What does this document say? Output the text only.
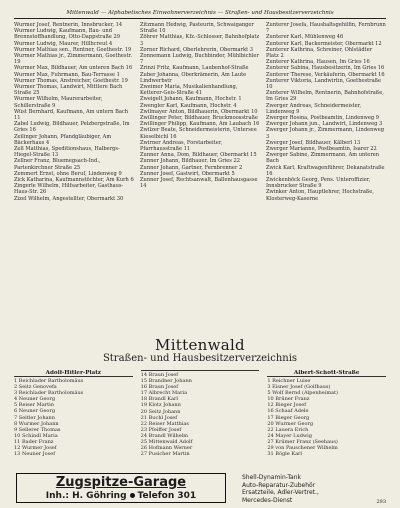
Mittenwald — Alphabetisches Einwohnerverzeichnis — Straßen- und Hausbesitzerverzeichnis
Wurmer Josef, Rentnerin, Innsbrucker, 14
Wurmer Ludwig, Kaufmann, Bau- und Brennstoffhandlung, Otto-Dappstraße 29
Wurmer Ludwig, Maurer, Hillhcreut 4
Wurmer Mathias sen., Rentner, Goethestr. 19
Wurmer Mathias jr., Zimmermann, Goethestr. 19
Wurmer Max, Bildhauer, Am unteren Bach 16
Wurmer Max, Fuhrmann, Bau-Terrasse 1
Wurmer Thomas, Anstreicher, Goethestr. 19
Wurmer Thomas, Landwirt, Mittlere Bach Straße 25
Wurmer Wilhelm, Maurerarbeiter, Schillerstraße 9
Wüst Bernhard, Kaufmann, Am untern Bach 11
Zabel Ludwig, Bildhauer, Pelzbergstraße, Im Gries 16
Zeilinger Johann, Pfandgläubiger, Am Bäckerhaus 4
Zell Matthias, Speditionshaus, Halbergs-Hiegel-Straße 13
Zellner Franz, Bluemegsach-Ind., Partenkirchner Straße 25
Zemmert Ernst, ohne Beruf, Lindenweg 9
Zick Katharina, Kaufmannstöchter, Am Kurh 6
Zingerle Wilhelm, Hilfsarbeiter, Gasthaus-Haus-Str. 26
Zizel Wilhelm, Angestellter, Obermarkt 30
Zitzmann Hedwig, Pasteurin, Schwaiganger Straße 10
Zöhrer Matthias, Kfz.-Schlosser, Bahnhofplatz 3
Zorner Richard, Oberlehrerin, Obermarkt 3
Zonnemann Ludwig, Buchbinder, Mühlbichler 7
Zrinzi Fritz, Kaufmann, Laubenhof-Straße
Zuber Johanna, Oberkrämerin, Am Laute Lindwerbstr
Zweimer Maria, Musikalienhandlung, Ketterer-Geis-Straße 41
Zweigelt Johann, Kaufmann, Hochstr. 1
Zwengler Karl, Kaufmann, Hochstr. 4
Zwilmayer Anton, Bildhauerin, Obermarkt 10
Zwillinger Peter, Bildhauer, Bruckmoosstraße
Zwillinger Philipp, Kaufmann, Am Laubach 16
Zwilzer Beate, Schneidermeisterin, Untersee Kieselbichl 16
Zwirner Andreas, Forstarbeiter, Pfarrhausstraße 11
Zunner Anna, Dom, Bildhauer, Obermarkt 15
Zunner Johann, Bildhauer, Im Gries 22
Zunner Johann, Gartner, Fernbrenner 2
Zunner Josef, Gastwirt, Obermarkt 5
Zunner Josef, Rechtsanwalt, Ballenhausgasse 14
Zunterer Josefa, Haushaltsgehilfin, Fernbrunn 7
Zunterer Karl, Mühlenweg 46
Zunterer Karl, Backermeister, Obermarkt 12
Zunterer Kathrina, Schreiner, Ohlstädter Platz 2
Zunterer Kathrina, Hausen, Im Gries 16
Zunterer Sabina, Hausbesitzerin, Im Gries 16
Zunterer Therese, Verkäuferin, Obermarkt 16
Zunterer Viktoria, Landwirtin, Goethestraße 10
Zunterer Wilhelm, Rentnerin, Bahnhofstraße, Im Gries 29
Zwerger Andreas, Schneidermeister, Lindenweg 9
Zwerger Rosina, Postbeamtin, Lindenweg 9
Zwerger Johann jun., Landwirt, Lindenweg 3
Zwerger Johann jr., Zimmermann, Lindenweg 3
Zwerger Josef, Bildhauer, Kälberl 13
Zwerger Marianne, Postbeamtin, Isarer 22
Zwerger Sabine, Zimmermann, Am unteren Bach
Zwick Karl, Kraftwagenführer, Dekanatstraße 16
Zwickenböck Georg, Pens. Unteroffizier, Innsbrucker Straße 9
Zwinker Anton, Hauptlehrer, Hochstraße, Klosterweg-Kaserne
Mittenwald
Straßen- und Hausbesitzerverzeichnis
Adolf-Hitler-Platz
1 Reichlader Bartholomäus
2 Seitz Genovefa
3 Reichlader Bartholomäus
4 Neuner Georg
5 Reiser Martin
6 Neuner Georg
7 Seitler Johann
8 Wurmer Johann
9 Sellerer Thomas
10 Schindl Maria
11 Bader Franz
12 Wurmer Josef
13 Neuner Josef
14 Braun Josef
15 Brandner Johann
16 Braun Josef
17 Albrecht Maria
18 Brandl Karl
19 Klotz Johann
20 Seitz Johann
21 Buchl Josef
22 Reiser Matthias
23 Pfeiffer Josef
24 Brandl Wilhelm
25 Mittenwald Adolf
26 Hofmann Werner
27 Pusicher Martin
Albert-Schott-Straße
1 Reichner Luise
3 Eisner Josef (Golfhaus)
5 Wolf Bernd (Alpenheimat)
10 Brüner Franz
12 Bieger Josef
16 Schaaf Adele
17 Bieger Georg
20 Wurmer Georg
22 Lauera Erich
24 Mayer Ludwig
27 Krümer Franz (Seehaus)
29 von Pauschener Wilhelm
31 Bögle Karl
Zugspitze-Garage
Inh.: H. Göhring Telefon 301
Shell-Dynamin-Tank
Auto-Reparatur-Zubehör
Ersatzteile, Adler-Vertret.,
Mercedes-Dienst	293
